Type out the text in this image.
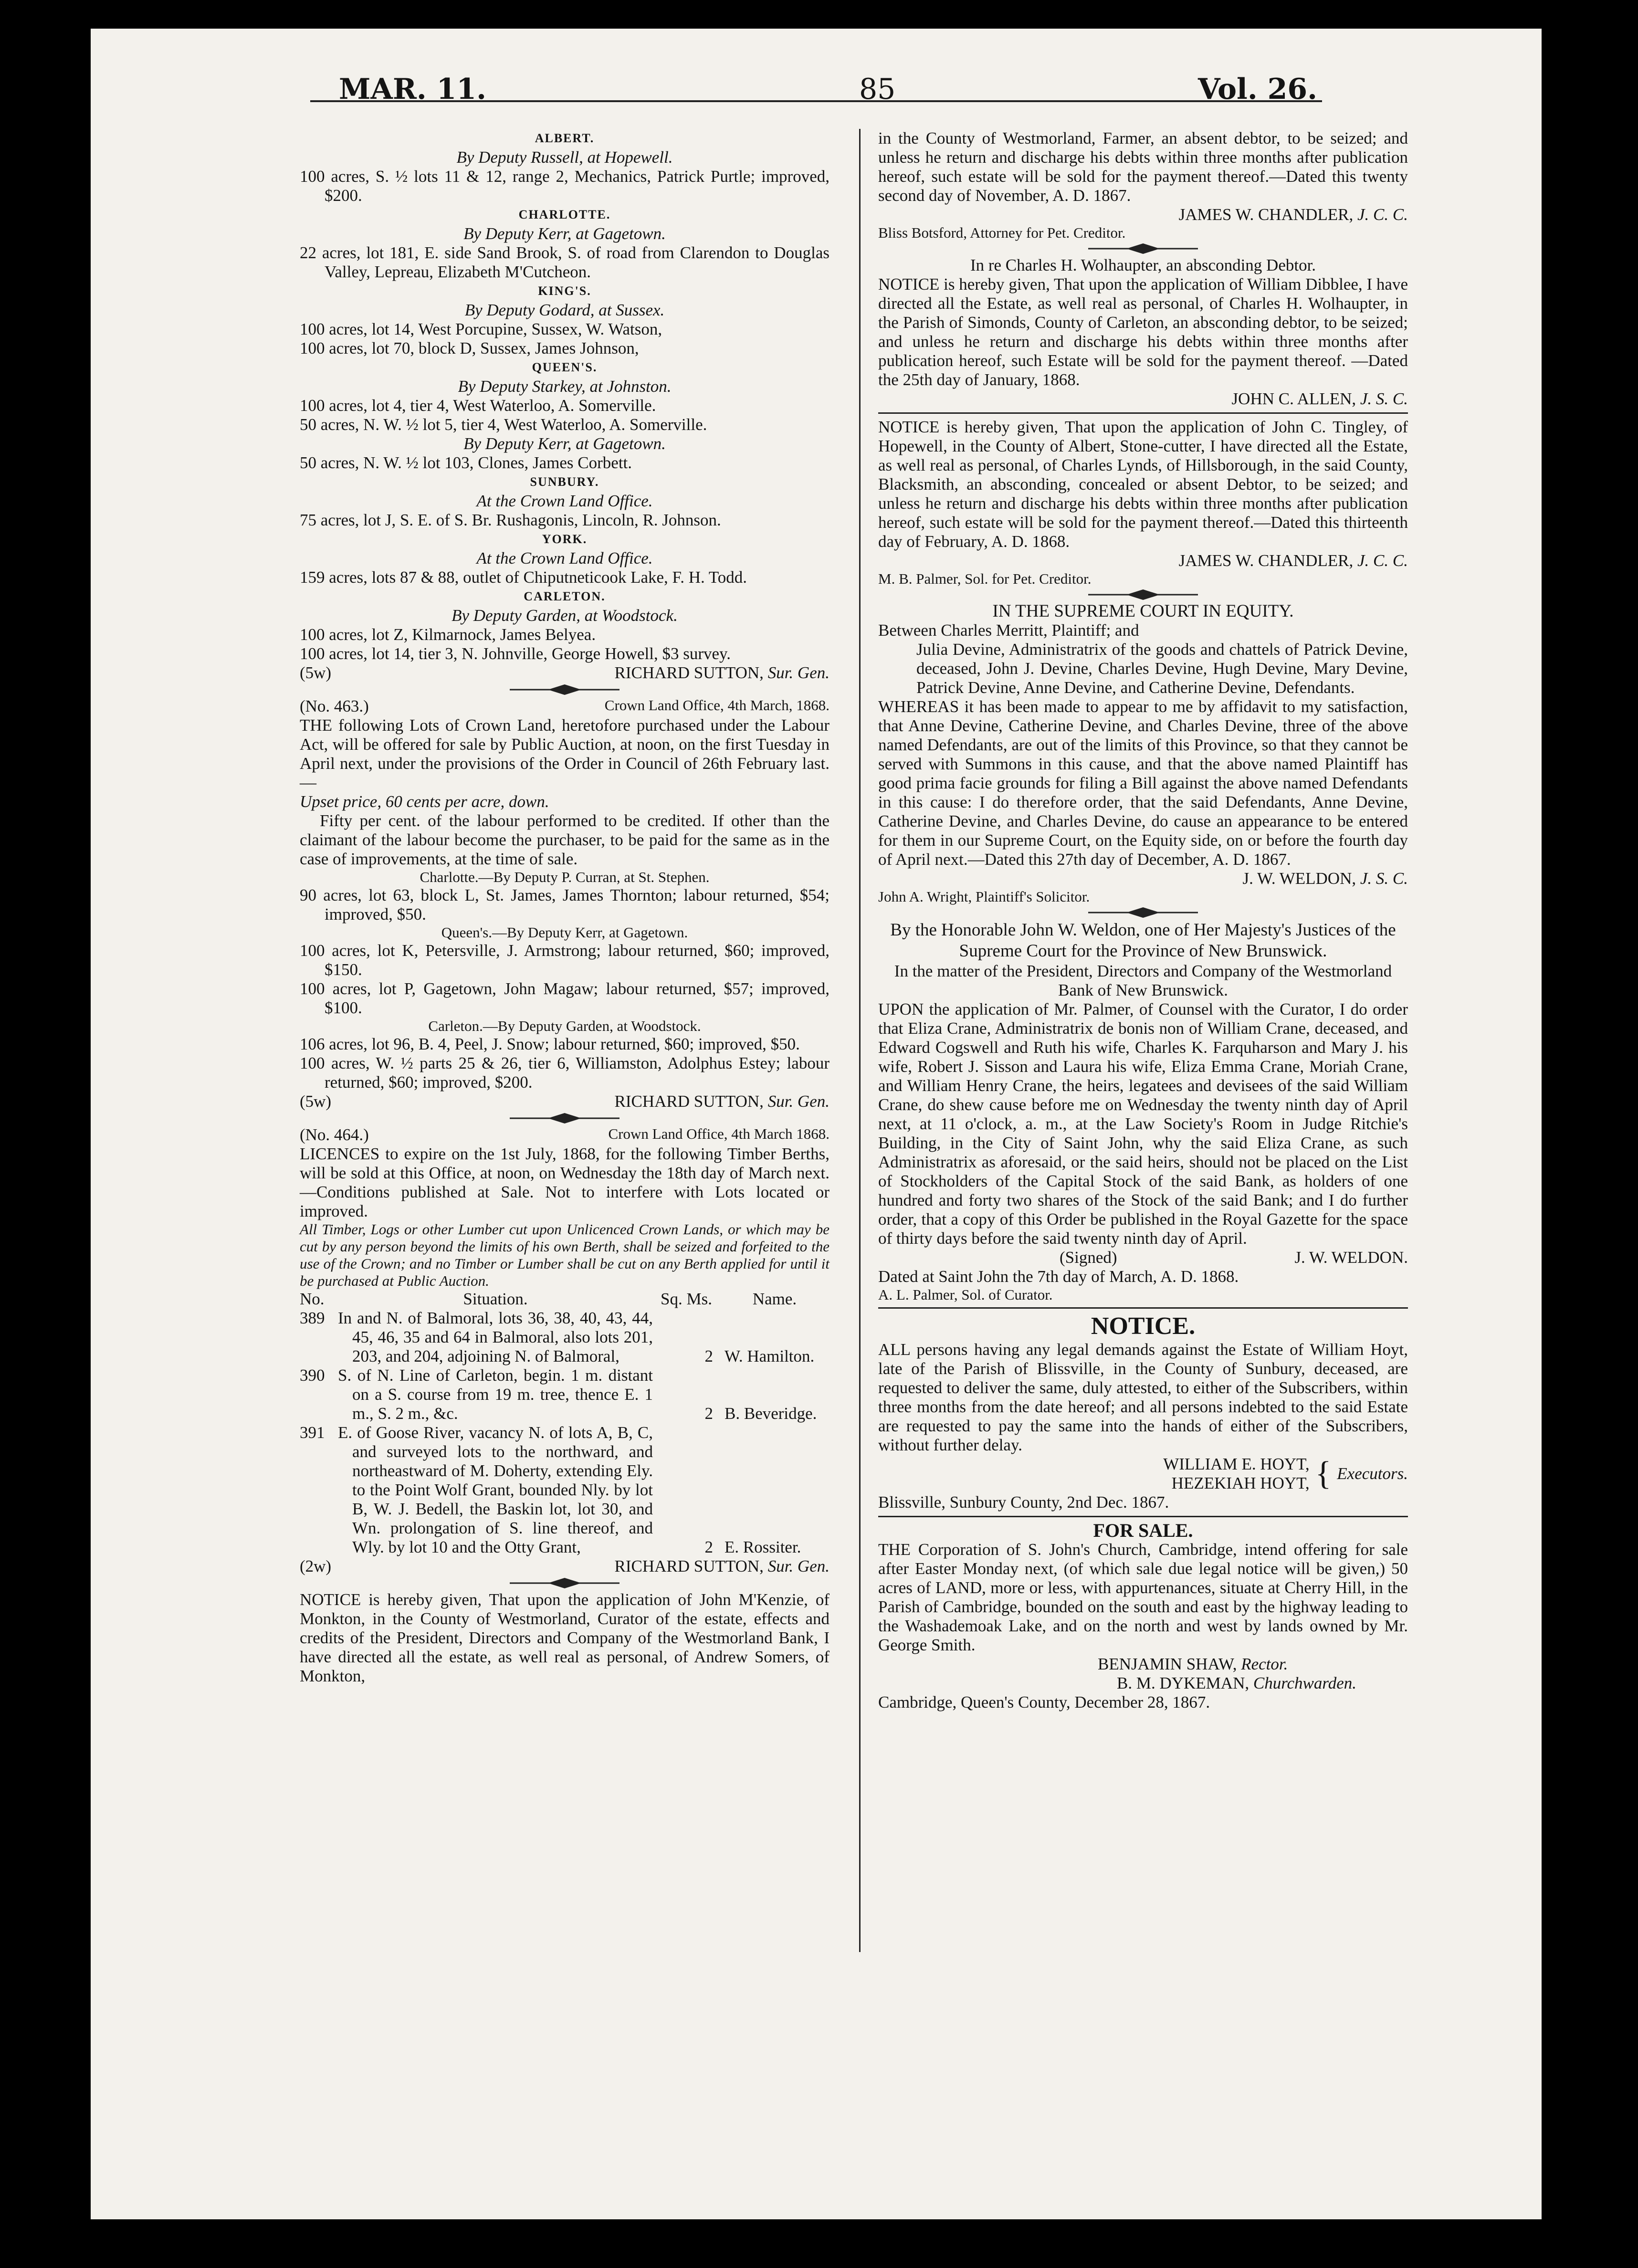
MAR. 11.	85	Vol. 26.
ALBERT.
By Deputy Russell, at Hopewell.
100 acres, S. ½ lots 11 & 12, range 2, Mechanics, Patrick Purtle; improved, $200.
CHARLOTTE.
By Deputy Kerr, at Gagetown.
22 acres, lot 181, E. side Sand Brook, S. of road from Clarendon to Douglas Valley, Lepreau, Elizabeth M'Cutcheon.
KING'S.
By Deputy Godard, at Sussex.
100 acres, lot 14, West Porcupine, Sussex, W. Watson,
100 acres, lot 70, block D, Sussex, James Johnson,
QUEEN'S.
By Deputy Starkey, at Johnston.
100 acres, lot 4, tier 4, West Waterloo, A. Somerville.
50 acres, N. W. ½ lot 5, tier 4, West Waterloo, A. Somerville.
By Deputy Kerr, at Gagetown.
50 acres, N. W. ½ lot 103, Clones, James Corbett.
SUNBURY.
At the Crown Land Office.
75 acres, lot J, S. E. of S. Br. Rushagonis, Lincoln, R. Johnson.
YORK.
At the Crown Land Office.
159 acres, lots 87 & 88, outlet of Chiputneticook Lake, F. H. Todd.
CARLETON.
By Deputy Garden, at Woodstock.
100 acres, lot Z, Kilmarnock, James Belyea.
100 acres, lot 14, tier 3, N. Johnville, George Howell, $3 survey.
(5w)	RICHARD SUTTON, Sur. Gen.
(No. 463.)	Crown Land Office, 4th March, 1868.
THE following Lots of Crown Land, heretofore purchased under the Labour Act, will be offered for sale by Public Auction, at noon, on the first Tuesday in April next, under the provisions of the Order in Council of 26th February last.—
Upset price, 60 cents per acre, down.
Fifty per cent. of the labour performed to be credited. If other than the claimant of the labour become the purchaser, to be paid for the same as in the case of improvements, at the time of sale.
Charlotte.—By Deputy P. Curran, at St. Stephen.
90 acres, lot 63, block L, St. James, James Thornton; labour returned, $54; improved, $50.
Queen's.—By Deputy Kerr, at Gagetown.
100 acres, lot K, Petersville, J. Armstrong; labour returned, $60; improved, $150.
100 acres, lot P, Gagetown, John Magaw; labour returned, $57; improved, $100.
Carleton.—By Deputy Garden, at Woodstock.
106 acres, lot 96, B. 4, Peel, J. Snow; labour returned, $60; improved, $50.
100 acres, W. ½ parts 25 & 26, tier 6, Williamston, Adolphus Estey; labour returned, $60; improved, $200.
(5w)	RICHARD SUTTON, Sur. Gen.
(No. 464.)	Crown Land Office, 4th March 1868.
LICENCES to expire on the 1st July, 1868, for the following Timber Berths, will be sold at this Office, at noon, on Wednesday the 18th day of March next.—Conditions published at Sale. Not to interfere with Lots located or improved.
All Timber, Logs or other Lumber cut upon Unlicenced Crown Lands, or which may be cut by any person beyond the limits of his own Berth, shall be seized and forfeited to the use of the Crown; and no Timber or Lumber shall be cut on any Berth applied for until it be purchased at Public Auction.
No.	Situation.	Sq. Ms.	Name.
389	In and N. of Balmoral, lots 36, 38, 40, 43, 44, 45, 46, 35 and 64 in Balmoral, also lots 201, 203, and 204, adjoining N. of Balmoral,	2	W. Hamilton.
390	S. of N. Line of Carleton, begin. 1 m. distant on a S. course from 19 m. tree, thence E. 1 m., S. 2 m., &c.	2	B. Beveridge.
391	E. of Goose River, vacancy N. of lots A, B, C, and surveyed lots to the northward, and northeastward of M. Doherty, extending Ely. to the Point Wolf Grant, bounded Nly. by lot B, W. J. Bedell, the Baskin lot, lot 30, and Wn. prolongation of S. line thereof, and Wly. by lot 10 and the Otty Grant,	2	E. Rossiter.
(2w)	RICHARD SUTTON, Sur. Gen.
NOTICE is hereby given, That upon the application of John M'Kenzie, of Monkton, in the County of Westmorland, Curator of the estate, effects and credits of the President, Directors and Company of the Westmorland Bank, I have directed all the estate, as well real as personal, of Andrew Somers, of Monkton,
in the County of Westmorland, Farmer, an absent debtor, to be seized; and unless he return and discharge his debts within three months after publication hereof, such estate will be sold for the payment thereof.—Dated this twenty second day of November, A. D. 1867.
JAMES W. CHANDLER, J. C. C.
Bliss Botsford, Attorney for Pet. Creditor.
In re Charles H. Wolhaupter, an absconding Debtor.
NOTICE is hereby given, That upon the application of William Dibblee, I have directed all the Estate, as well real as personal, of Charles H. Wolhaupter, in the Parish of Simonds, County of Carleton, an absconding debtor, to be seized; and unless he return and discharge his debts within three months after publication hereof, such Estate will be sold for the payment thereof. —Dated the 25th day of January, 1868.
JOHN C. ALLEN, J. S. C.
NOTICE is hereby given, That upon the application of John C. Tingley, of Hopewell, in the County of Albert, Stone-cutter, I have directed all the Estate, as well real as personal, of Charles Lynds, of Hillsborough, in the said County, Blacksmith, an absconding, concealed or absent Debtor, to be seized; and unless he return and discharge his debts within three months after publication hereof, such estate will be sold for the payment thereof.—Dated this thirteenth day of February, A. D. 1868.
JAMES W. CHANDLER, J. C. C.
M. B. Palmer, Sol. for Pet. Creditor.
IN THE SUPREME COURT IN EQUITY.
Between Charles Merritt, Plaintiff; and
Julia Devine, Administratrix of the goods and chattels of Patrick Devine, deceased, John J. Devine, Charles Devine, Hugh Devine, Mary Devine, Patrick Devine, Anne Devine, and Catherine Devine, Defendants.
WHEREAS it has been made to appear to me by affidavit to my satisfaction, that Anne Devine, Catherine Devine, and Charles Devine, three of the above named Defendants, are out of the limits of this Province, so that they cannot be served with Summons in this cause, and that the above named Plaintiff has good prima facie grounds for filing a Bill against the above named Defendants in this cause: I do therefore order, that the said Defendants, Anne Devine, Catherine Devine, and Charles Devine, do cause an appearance to be entered for them in our Supreme Court, on the Equity side, on or before the fourth day of April next.—Dated this 27th day of December, A. D. 1867.
J. W. WELDON, J. S. C.
John A. Wright, Plaintiff's Solicitor.
By the Honorable John W. Weldon, one of Her Majesty's Justices of the Supreme Court for the Province of New Brunswick.
In the matter of the President, Directors and Company of the Westmorland Bank of New Brunswick.
UPON the application of Mr. Palmer, of Counsel with the Curator, I do order that Eliza Crane, Administratrix de bonis non of William Crane, deceased, and Edward Cogswell and Ruth his wife, Charles K. Farquharson and Mary J. his wife, Robert J. Sisson and Laura his wife, Eliza Emma Crane, Moriah Crane, and William Henry Crane, the heirs, legatees and devisees of the said William Crane, do shew cause before me on Wednesday the twenty ninth day of April next, at 11 o'clock, a. m., at the Law Society's Room in Judge Ritchie's Building, in the City of Saint John, why the said Eliza Crane, as such Administratrix as aforesaid, or the said heirs, should not be placed on the List of Stockholders of the Capital Stock of the said Bank, as holders of one hundred and forty two shares of the Stock of the said Bank; and I do further order, that a copy of this Order be published in the Royal Gazette for the space of thirty days before the said twenty ninth day of April.
(Signed)	J. W. WELDON.
Dated at Saint John the 7th day of March, A. D. 1868.
A. L. Palmer, Sol. of Curator.
NOTICE.
ALL persons having any legal demands against the Estate of William Hoyt, late of the Parish of Blissville, in the County of Sunbury, deceased, are requested to deliver the same, duly attested, to either of the Subscribers, within three months from the date hereof; and all persons indebted to the said Estate are requested to pay the same into the hands of either of the Subscribers, without further delay.
WILLIAM E. HOYT,
HEZEKIAH HOYT, { Executors.
Blissville, Sunbury County, 2nd Dec. 1867.
FOR SALE.
THE Corporation of S. John's Church, Cambridge, intend offering for sale after Easter Monday next, (of which sale due legal notice will be given,) 50 acres of LAND, more or less, with appurtenances, situate at Cherry Hill, in the Parish of Cambridge, bounded on the south and east by the highway leading to the Washademoak Lake, and on the north and west by lands owned by Mr. George Smith.
BENJAMIN SHAW, Rector.
B. M. DYKEMAN, Churchwarden.
Cambridge, Queen's County, December 28, 1867.
